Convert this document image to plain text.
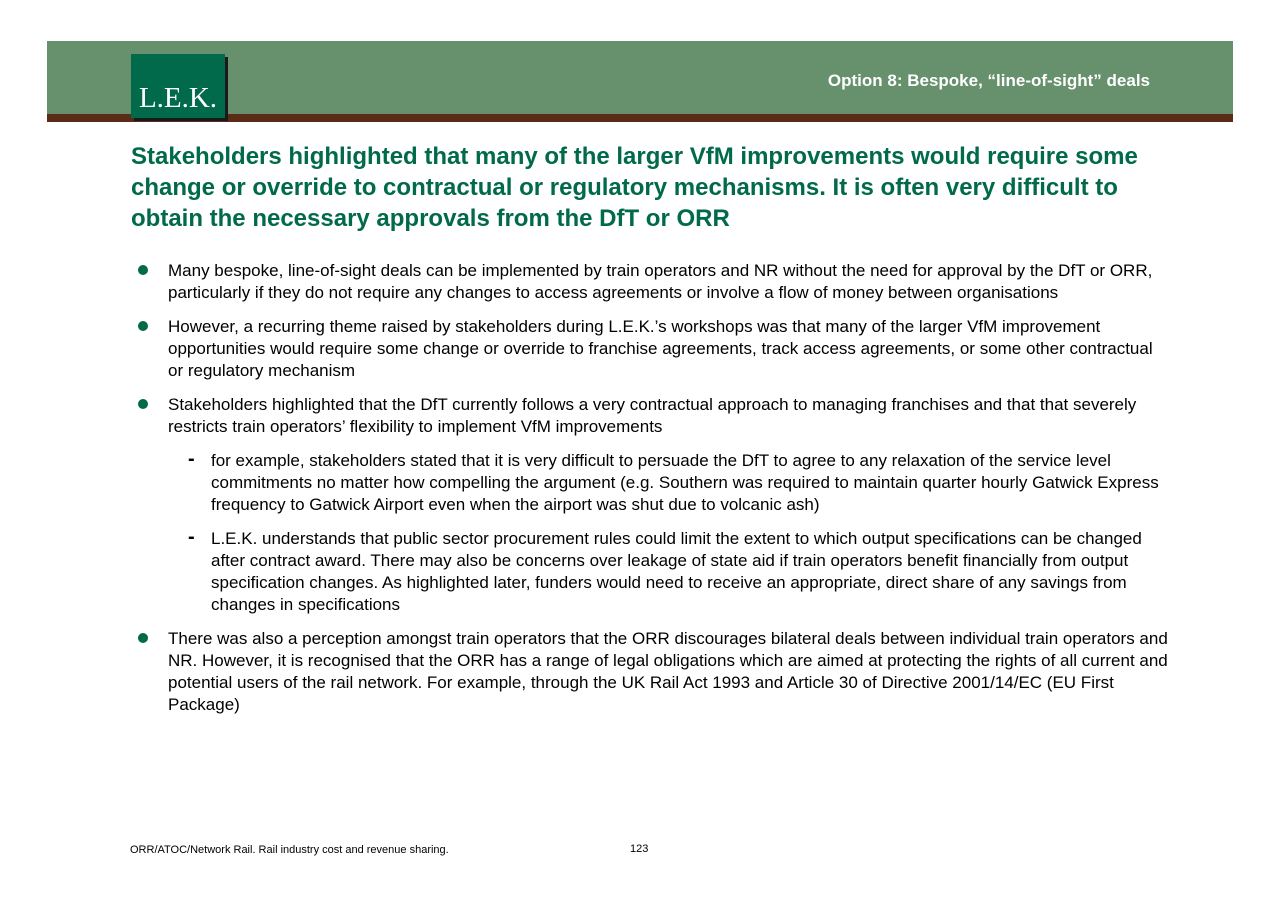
L.E.K.
Option 8: Bespoke, “line-of-sight” deals
Stakeholders highlighted that many of the larger VfM improvements would require some change or override to contractual or regulatory mechanisms. It is often very difficult to obtain the necessary approvals from the DfT or ORR
Many bespoke, line-of-sight deals can be implemented by train operators and NR without the need for approval by the DfT or ORR, particularly if they do not require any changes to access agreements or involve a flow of money between organisations
However, a recurring theme raised by stakeholders during L.E.K.’s workshops was that many of the larger VfM improvement opportunities would require some change or override to franchise agreements, track access agreements, or some other contractual or regulatory mechanism
Stakeholders highlighted that the DfT currently follows a very contractual approach to managing franchises and that that severely restricts train operators’ flexibility to implement VfM improvements
- for example, stakeholders stated that it is very difficult to persuade the DfT to agree to any relaxation of the service level commitments no matter how compelling the argument (e.g. Southern was required to maintain quarter hourly Gatwick Express frequency to Gatwick Airport even when the airport was shut due to volcanic ash)
- L.E.K. understands that public sector procurement rules could limit the extent to which output specifications can be changed after contract award. There may also be concerns over leakage of state aid if train operators benefit financially from output specification changes. As highlighted later, funders would need to receive an appropriate, direct share of any savings from changes in specifications
There was also a perception amongst train operators that the ORR discourages bilateral deals between individual train operators and NR. However, it is recognised that the ORR has a range of legal obligations which are aimed at protecting the rights of all current and potential users of the rail network. For example, through the UK Rail Act 1993 and Article 30 of Directive 2001/14/EC (EU First Package)
ORR/ATOC/Network Rail. Rail industry cost and revenue sharing.	123
